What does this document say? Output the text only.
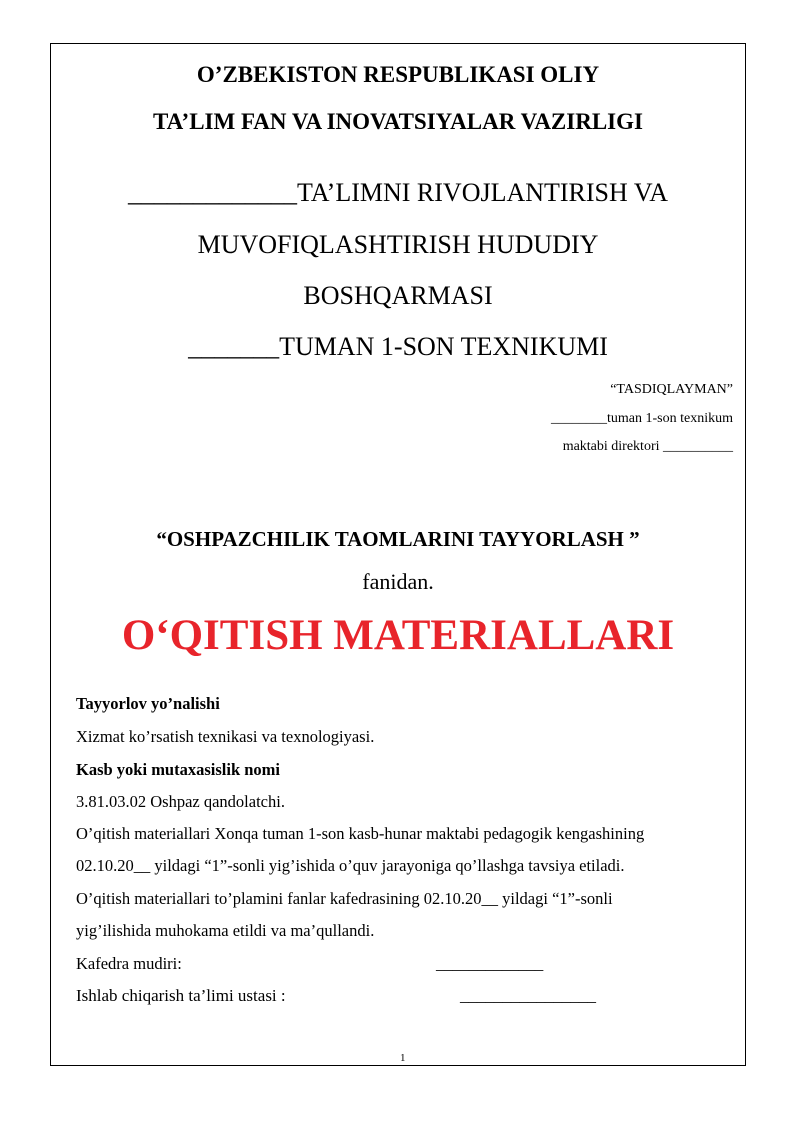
O’ZBEKISTON RESPUBLIKASI OLIY
TA’LIM FAN VA INOVATSIYALAR VAZIRLIGI
_____________TA’LIMNI RIVOJLANTIRISH VA
MUVOFIQLASHTIRISH HUDUDIY
BOSHQARMASI
_______TUMAN 1-SON TEXNIKUMI
“TASDIQLAYMAN”
________tuman 1-son texnikum
maktabi direktori __________
“OSHPAZCHILIK TAOMLARINI TAYYORLASH ”
fanidan.
O‘QITISH MATERIALLARI
Tayyorlov yo’nalishi
Xizmat ko’rsatish texnikasi va texnologiyasi.
Kasb yoki mutaxasislik nomi
3.81.03.02 Oshpaz qandolatchi.
O’qitish materiallari Xonqa tuman 1-son kasb-hunar maktabi pedagogik kengashining
02.10.20__ yildagi “1”-sonli yig’ishida o’quv jarayoniga qo’llashga tavsiya etiladi.
O’qitish materiallari to’plamini fanlar kafedrasining 02.10.20__ yildagi “1”-sonli
yig’ilishida muhokama etildi va ma’qullandi.
Kafedra mudiri:	_____________
Ishlab chiqarish ta’limi ustasi :	________________
1
